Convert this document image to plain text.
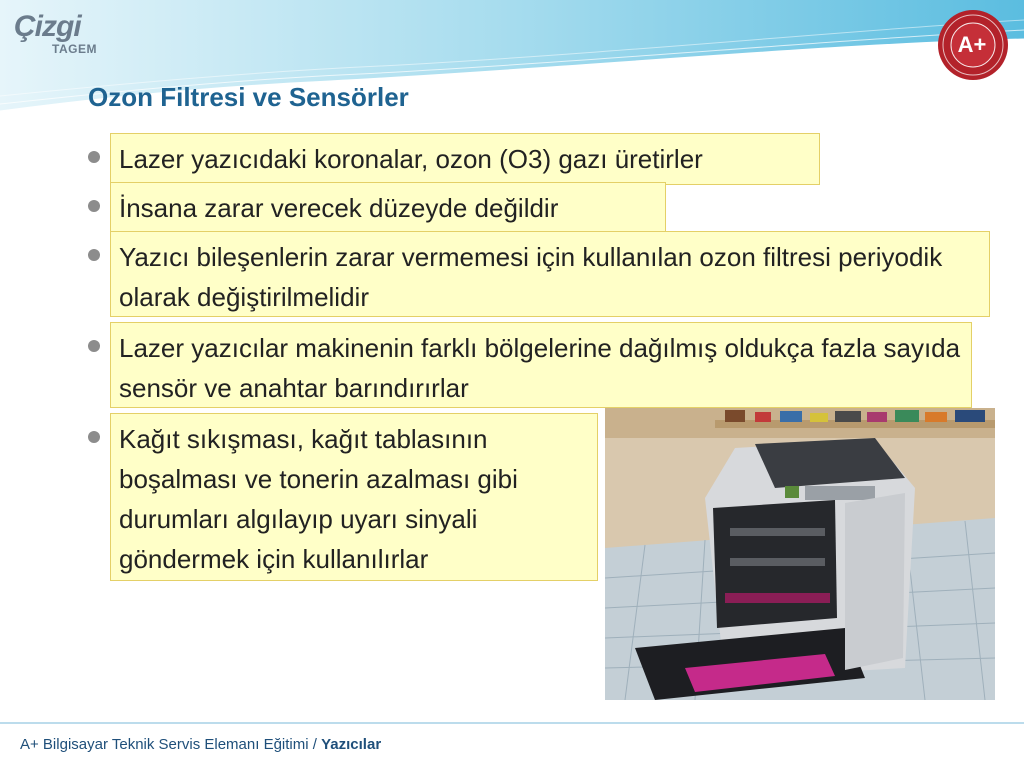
Çizgi
TAGEM	A+
Ozon Filtresi ve Sensörler
Lazer yazıcıdaki koronalar, ozon (O3) gazı üretirler
İnsana zarar verecek düzeyde değildir
Yazıcı bileşenlerin zarar vermemesi için kullanılan ozon filtresi periyodik olarak değiştirilmelidir
Lazer yazıcılar makinenin farklı bölgelerine dağılmış oldukça fazla sayıda sensör ve anahtar barındırırlar
Kağıt sıkışması, kağıt tablasının boşalması ve tonerin azalması gibi durumları algılayıp uyarı sinyali göndermek için kullanılırlar
A+ Bilgisayar Teknik Servis Elemanı Eğitimi / Yazıcılar
